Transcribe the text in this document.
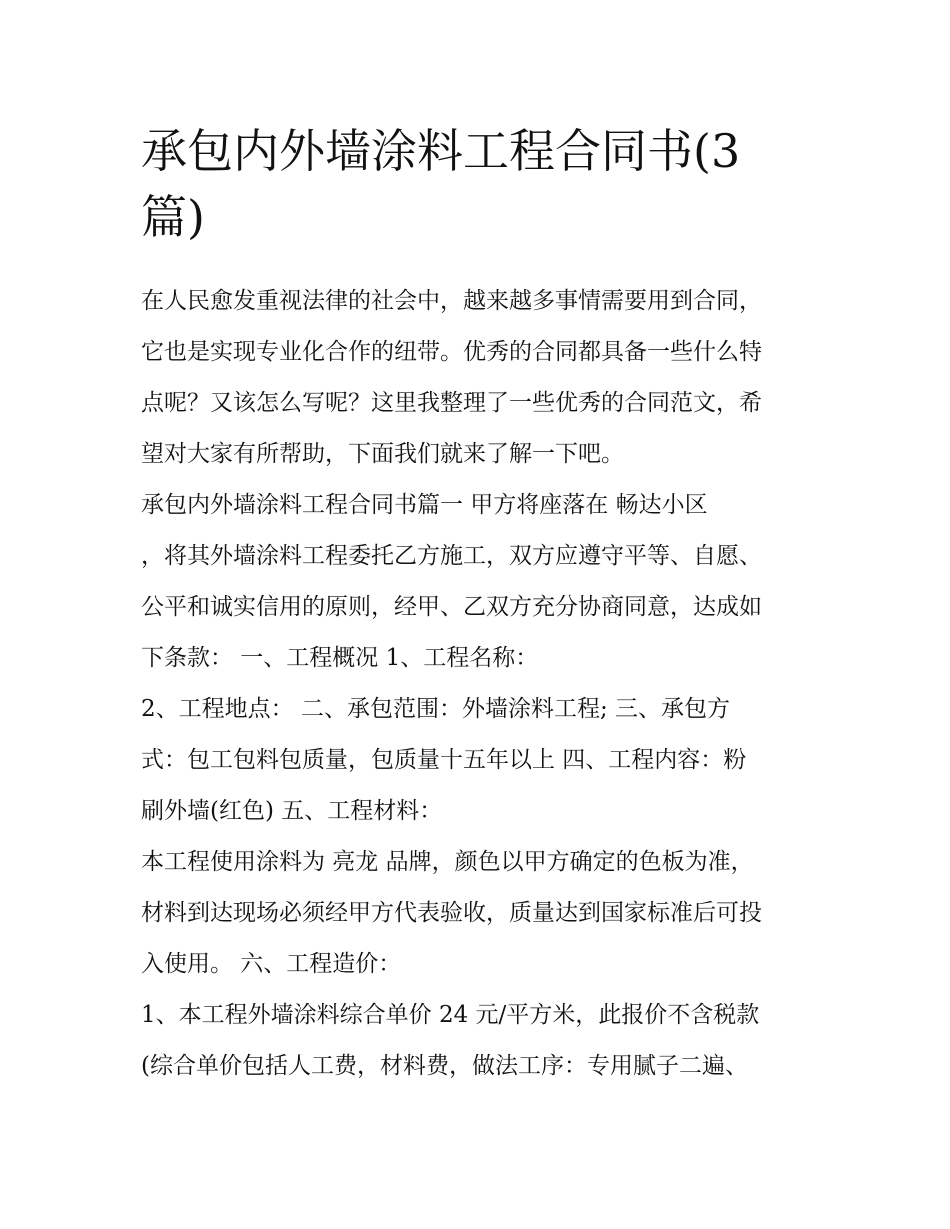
承包内外墙涂料工程合同书(3
篇)
在人民愈发重视法律的社会中，越来越多事情需要用到合同，
它也是实现专业化合作的纽带。优秀的合同都具备一些什么特
点呢？又该怎么写呢？这里我整理了一些优秀的合同范文，希
望对大家有所帮助，下面我们就来了解一下吧。
承包内外墙涂料工程合同书篇一 甲方将座落在 畅达小区
，将其外墙涂料工程委托乙方施工，双方应遵守平等、自愿、
公平和诚实信用的原则，经甲、乙双方充分协商同意，达成如
下条款： 一、工程概况 1、工程名称：
2、工程地点： 二、承包范围：外墙涂料工程; 三、承包方
式：包工包料包质量，包质量十五年以上 四、工程内容：粉
刷外墙(红色) 五、工程材料：
本工程使用涂料为 亮龙 品牌，颜色以甲方确定的色板为准，
材料到达现场必须经甲方代表验收，质量达到国家标准后可投
入使用。 六、工程造价：
1、本工程外墙涂料综合单价 24 元/平方米，此报价不含税款
(综合单价包括人工费，材料费，做法工序：专用腻子二遍、
